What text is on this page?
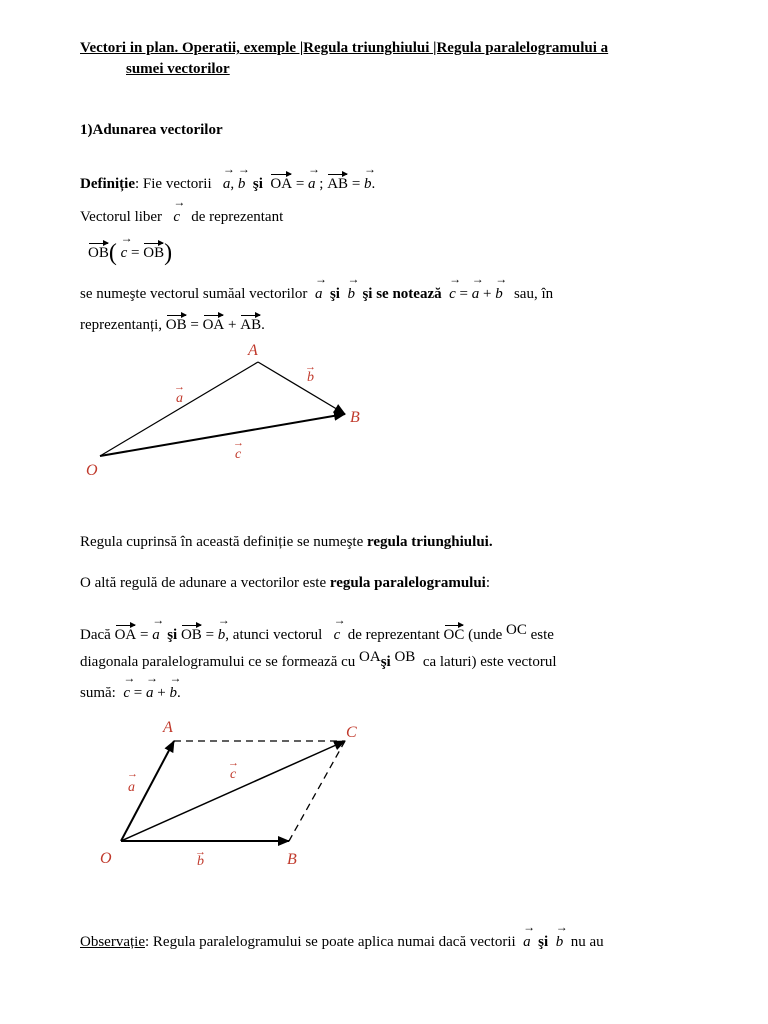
Vectori in plan. Operatii, exemple |Regula triunghiului |Regula paralelogramului a
sumei vectorilor
1)Adunarea vectorilor
Definiție: Fie vectorii
→
a,
→
b şi OA =
→
a ; AB =
→
b.
Vectorul liber
→
c de reprezentant
OB(
→
c = OB)
se numeşte vectorul sumăal vectorilor
→
a şi
→
b şi se notează
→
c =
→
a +
→
b sau, în
reprezentanți, OB = OA + AB.
A
B
O
→
a
→
b
→
c
Regula cuprinsă în această definiție se numeşte regula triunghiului.
O altă regulă de adunare a vectorilor este regula paralelogramului:
Dacă OA =
→
a şi OB =
→
b, atunci vectorul
→
c de reprezentant OC (unde OC este
diagonala paralelogramului ce se formează cu OAşi OB ca laturi) este vectorul
sumă:
→
c =
→
a +
→
b.
A	C
O	B
→
a
→
c
→
b
Observație: Regula paralelogramului se poate aplica numai dacă vectorii
→
a şi
→
b nu au
